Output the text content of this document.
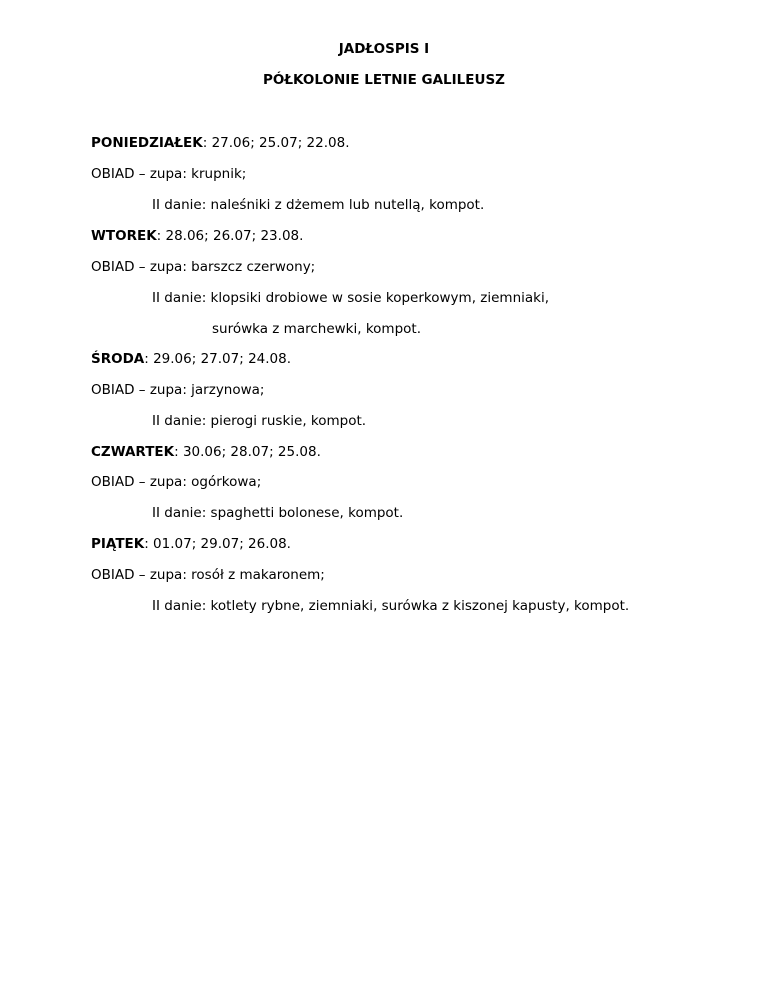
JADŁOSPIS I
PÓŁKOLONIE LETNIE GALILEUSZ
PONIEDZIAŁEK: 27.06; 25.07; 22.08.
OBIAD – zupa: krupnik;
II danie: naleśniki z dżemem lub nutellą, kompot.
WTOREK: 28.06; 26.07; 23.08.
OBIAD – zupa: barszcz czerwony;
II danie: klopsiki drobiowe w sosie koperkowym, ziemniaki,
surówka z marchewki, kompot.
ŚRODA: 29.06; 27.07; 24.08.
OBIAD – zupa: jarzynowa;
II danie: pierogi ruskie, kompot.
CZWARTEK: 30.06; 28.07; 25.08.
OBIAD – zupa: ogórkowa;
II danie: spaghetti bolonese, kompot.
PIĄTEK: 01.07; 29.07; 26.08.
OBIAD – zupa: rosół z makaronem;
II danie: kotlety rybne, ziemniaki, surówka z kiszonej kapusty, kompot.
